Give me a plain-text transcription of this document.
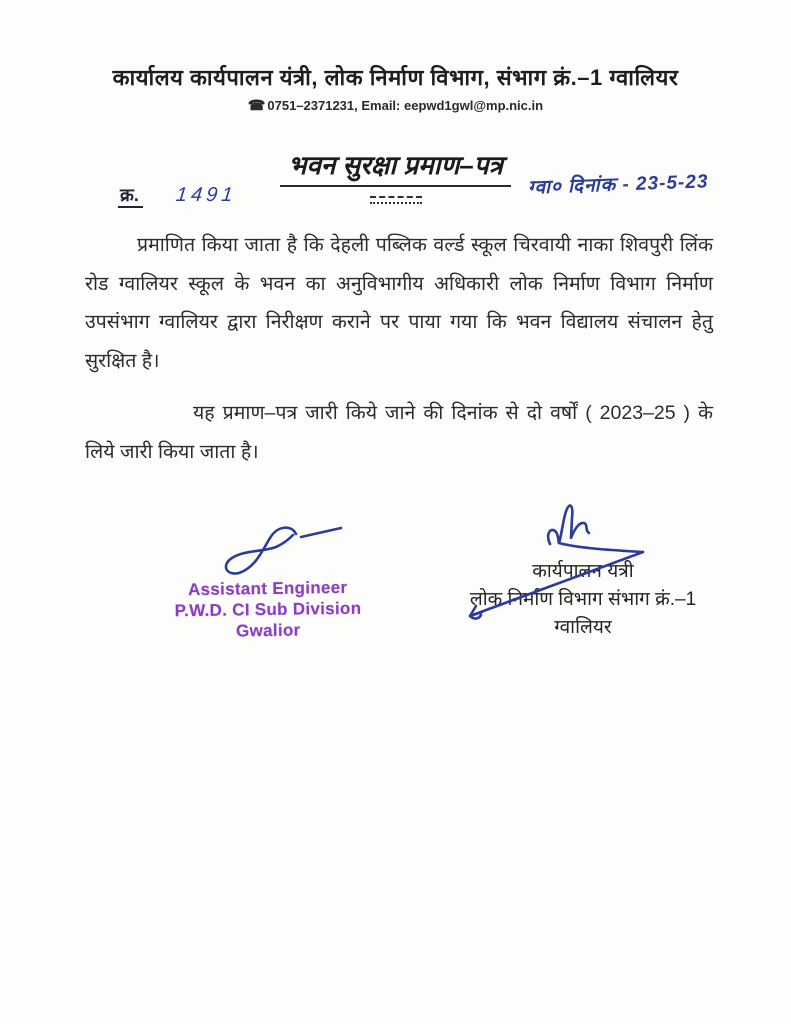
कार्यालय कार्यपालन यंत्री, लोक निर्माण विभाग, संभाग क्रं.–1 ग्वालियर
☎ 0751–2371231, Email: eepwd1gwl@mp.nic.in
भवन सुरक्षा प्रमाण–पत्र
क्र. 1491	ग्वा० दिनांक - 23-5-23

प्रमाणित किया जाता है कि देहली पब्लिक वर्ल्ड स्कूल चिरवायी नाका शिवपुरी लिंक रोड ग्वालियर स्कूल के भवन का अनुविभागीय अधिकारी लोक निर्माण विभाग निर्माण उपसंभाग ग्वालियर द्वारा निरीक्षण कराने पर पाया गया कि भवन विद्यालय संचालन हेतु सुरक्षित है।

यह प्रमाण–पत्र जारी किये जाने की दिनांक से दो वर्षों ( 2023–25 ) के लिये जारी किया जाता है।

Assistant Engineer
P.W.D. CI Sub Division
Gwalior
कार्यपालन यंत्री
लोक निर्माण विभाग संभाग क्रं.–1
ग्वालियर
